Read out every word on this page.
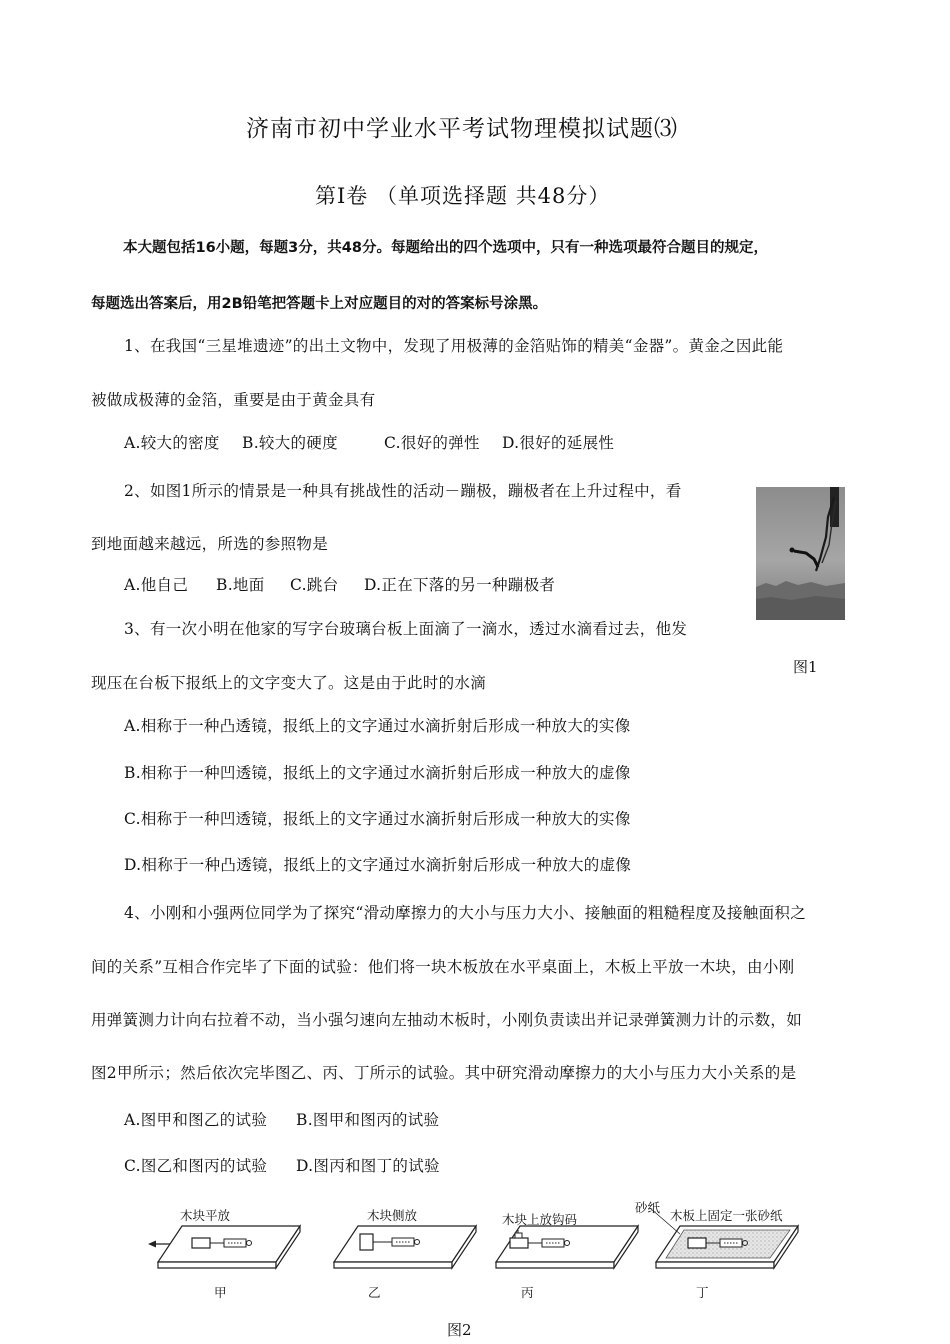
济南市初中学业水平考试物理模拟试题⑶
第Ⅰ卷 （单项选择题 共48分）
本大题包括16小题，每题3分，共48分。每题给出的四个选项中，只有一种选项最符合题目的规定，
每题选出答案后，用2B铅笔把答题卡上对应题目的对的答案标号涂黑。
1、在我国“三星堆遗迹”的出土文物中，发现了用极薄的金箔贴饰的精美“金器”。黄金之因此能
被做成极薄的金箔，重要是由于黄金具有
A.较大的密度 B.较大的硬度	C.很好的弹性 D.很好的延展性
2、如图1所示的情景是一种具有挑战性的活动－蹦极，蹦极者在上升过程中，看
到地面越来越远，所选的参照物是
A.他自己 B.地面 C.跳台 D.正在下落的另一种蹦极者
图1
3、有一次小明在他家的写字台玻璃台板上面滴了一滴水，透过水滴看过去，他发
现压在台板下报纸上的文字变大了。这是由于此时的水滴
A.相称于一种凸透镜，报纸上的文字通过水滴折射后形成一种放大的实像
B.相称于一种凹透镜，报纸上的文字通过水滴折射后形成一种放大的虚像
C.相称于一种凹透镜，报纸上的文字通过水滴折射后形成一种放大的实像
D.相称于一种凸透镜，报纸上的文字通过水滴折射后形成一种放大的虚像
4、小刚和小强两位同学为了探究“滑动摩擦力的大小与压力大小、接触面的粗糙程度及接触面积之
间的关系”互相合作完毕了下面的试验：他们将一块木板放在水平桌面上，木板上平放一木块，由小刚
用弹簧测力计向右拉着不动，当小强匀速向左抽动木板时，小刚负责读出并记录弹簧测力计的示数，如
图2甲所示；然后依次完毕图乙、丙、丁所示的试验。其中研究滑动摩擦力的大小与压力大小关系的是
A.图甲和图乙的试验 B.图甲和图丙的试验
C.图乙和图丙的试验 D.图丙和图丁的试验
木块平放	木块侧放	木块上放钩码
砂纸
木板上固定一张砂纸
甲	乙	丙	丁
图2
